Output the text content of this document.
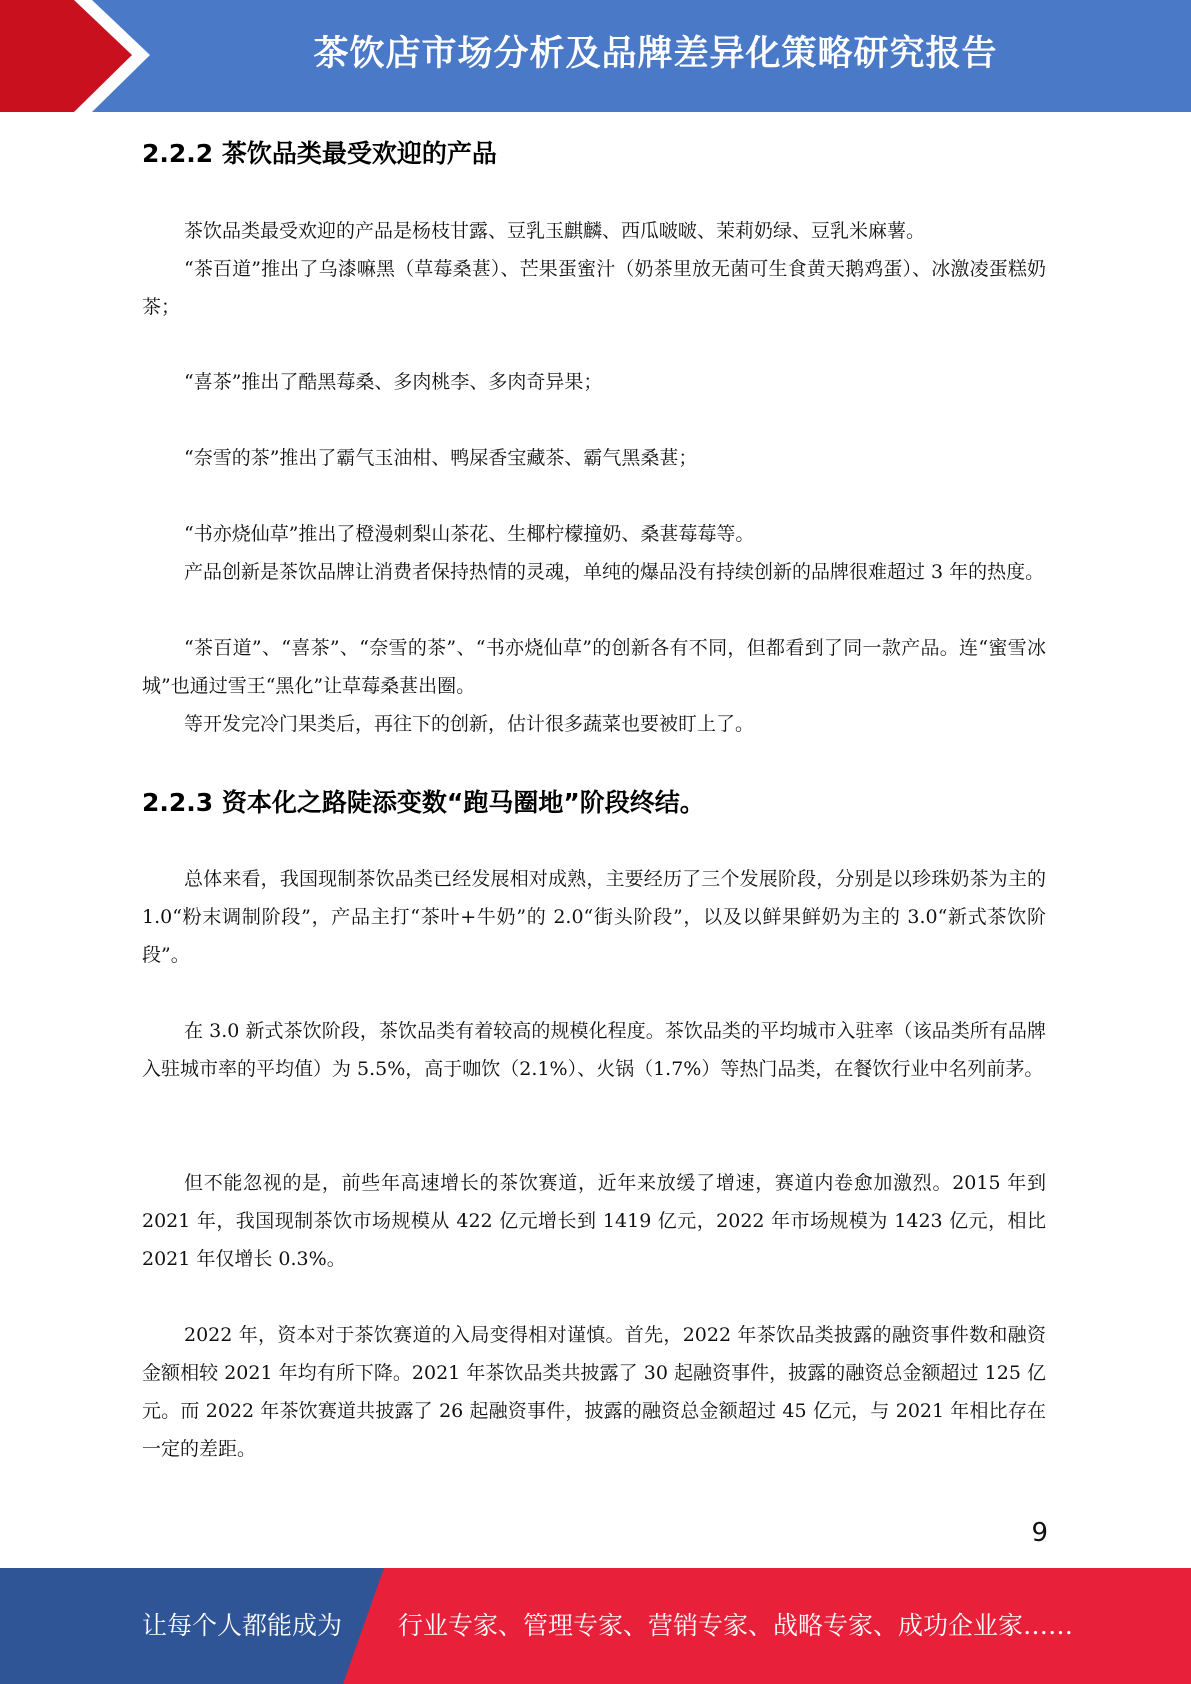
茶饮店市场分析及品牌差异化策略研究报告
2.2.2 茶饮品类最受欢迎的产品

茶饮品类最受欢迎的产品是杨枝甘露、豆乳玉麒麟、西瓜啵啵、茉莉奶绿、豆乳米麻薯。

“茶百道”推出了乌漆嘛黑（草莓桑葚）、芒果蛋蜜汁（奶茶里放无菌可生食黄天鹅鸡蛋）、冰激凌蛋糕奶茶；

“喜茶”推出了酷黑莓桑、多肉桃李、多肉奇异果；

“奈雪的茶”推出了霸气玉油柑、鸭屎香宝藏茶、霸气黑桑葚；

“书亦烧仙草”推出了橙漫刺梨山茶花、生椰柠檬撞奶、桑葚莓莓等。

产品创新是茶饮品牌让消费者保持热情的灵魂，单纯的爆品没有持续创新的品牌很难超过 3 年的热度。

“茶百道”、“喜茶”、“奈雪的茶”、“书亦烧仙草”的创新各有不同，但都看到了同一款产品。连“蜜雪冰城”也通过雪王“黑化”让草莓桑葚出圈。

等开发完冷门果类后，再往下的创新，估计很多蔬菜也要被盯上了。

2.2.3 资本化之路陡添变数“跑马圈地”阶段终结。

总体来看，我国现制茶饮品类已经发展相对成熟，主要经历了三个发展阶段，分别是以珍珠奶茶为主的 1.0“粉末调制阶段”，产品主打“茶叶+牛奶”的 2.0“街头阶段”，以及以鲜果鲜奶为主的 3.0“新式茶饮阶段”。

在 3.0 新式茶饮阶段，茶饮品类有着较高的规模化程度。茶饮品类的平均城市入驻率（该品类所有品牌入驻城市率的平均值）为 5.5%，高于咖饮（2.1%）、火锅（1.7%）等热门品类，在餐饮行业中名列前茅。

但不能忽视的是，前些年高速增长的茶饮赛道，近年来放缓了增速，赛道内卷愈加激烈。2015 年到 2021 年，我国现制茶饮市场规模从 422 亿元增长到 1419 亿元，2022 年市场规模为 1423 亿元，相比 2021 年仅增长 0.3%。

2022 年，资本对于茶饮赛道的入局变得相对谨慎。首先，2022 年茶饮品类披露的融资事件数和融资金额相较 2021 年均有所下降。2021 年茶饮品类共披露了 30 起融资事件，披露的融资总金额超过 125 亿元。而 2022 年茶饮赛道共披露了 26 起融资事件，披露的融资总金额超过 45 亿元，与 2021 年相比存在一定的差距。

9
让每个人都能成为 行业专家、管理专家、营销专家、战略专家、成功企业家……
